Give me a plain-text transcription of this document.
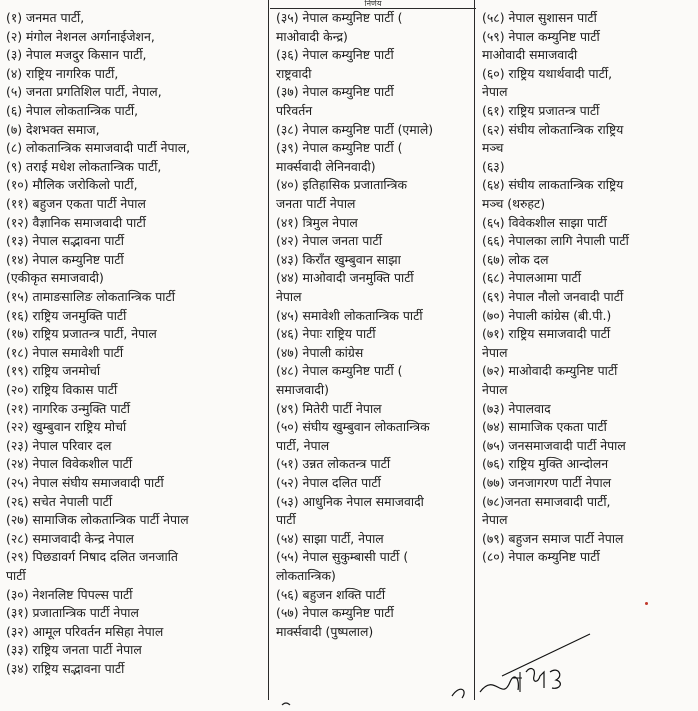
निर्णय
(१) जनमत पार्टी,
(२) मंगोल नेशनल अर्गानाईजेशन,
(३) नेपाल मजदुर किसान पार्टी,
(४) राष्ट्रिय नागरिक पार्टी,
(५) जनता प्रगतिशिल पार्टी, नेपाल,
(६) नेपाल लोकतान्त्रिक पार्टी,
(७) देशभक्त समाज,
(८) लोकतान्त्रिक समाजवादी पार्टी नेपाल,
(९) तराई मधेश लोकतान्त्रिक पार्टी,
(१०) मौलिक जरोकिलो पार्टी,
(११) बहुजन एकता पार्टी नेपाल
(१२) वैज्ञानिक समाजवादी पार्टी
(१३) नेपाल सद्भावना पार्टी
(१४) नेपाल कम्युनिष्ट पार्टी
(एकीकृत समाजवादी)
(१५) तामाङसालिङ लोकतान्त्रिक पार्टी
(१६) राष्ट्रिय जनमुक्ति पार्टी
(१७) राष्ट्रिय प्रजातन्त्र पार्टी, नेपाल
(१८) नेपाल समावेशी पार्टी
(१९) राष्ट्रिय जनमोर्चा
(२०) राष्ट्रिय विकास पार्टी
(२१) नागरिक उन्मुक्ति पार्टी
(२२) खुम्बुवान राष्ट्रिय मोर्चा
(२३) नेपाल परिवार दल
(२४) नेपाल विवेकशील पार्टी
(२५) नेपाल संघीय समाजवादी पार्टी
(२६) सचेत नेपाली पार्टी
(२७) सामाजिक लोकतान्त्रिक पार्टी नेपाल
(२८) समाजवादी केन्द्र नेपाल
(२९) पिछडावर्ग निषाद दलित जनजाति
पार्टी
(३०) नेशनलिष्ट पिपल्स पार्टी
(३१) प्रजातान्त्रिक पार्टी नेपाल
(३२) आमूल परिवर्तन मसिहा नेपाल
(३३) राष्ट्रिय जनता पार्टी नेपाल
(३४) राष्ट्रिय सद्भावना पार्टी
(३५) नेपाल कम्युनिष्ट पार्टी (
माओवादी केन्द्र)
(३६) नेपाल कम्युनिष्ट पार्टी
राष्ट्रवादी
(३७) नेपाल कम्युनिष्ट पार्टी
परिवर्तन
(३८) नेपाल कम्युनिष्ट पार्टी (एमाले)
(३९) नेपाल कम्युनिष्ट पार्टी (
मार्क्सवादी लेनिनवादी)
(४०) इतिहासिक प्रजातान्त्रिक
जनता पार्टी नेपाल
(४१) त्रिमुल नेपाल
(४२) नेपाल जनता पार्टी
(४३) किराँत खुम्बुवान साझा
(४४) माओवादी जनमुक्ति पार्टी
नेपाल
(४५) समावेशी लोकतान्त्रिक पार्टी
(४६) नेपाः राष्ट्रिय पार्टी
(४७) नेपाली कांग्रेस
(४८) नेपाल कम्युनिष्ट पार्टी (
समाजवादी)
(४९) मितेरी पार्टी नेपाल
(५०) संघीय खुम्बुवान लोकतान्त्रिक
पार्टी, नेपाल
(५१) उन्नत लोकतन्त्र पार्टी
(५२) नेपाल दलित पार्टी
(५३) आधुनिक नेपाल समाजवादी
पार्टी
(५४) साझा पार्टी, नेपाल
(५५) नेपाल सुकुम्बासी पार्टी (
लोकतान्त्रिक)
(५६) बहुजन शक्ति पार्टी
(५७) नेपाल कम्युनिष्ट पार्टी
मार्क्सवादी (पुष्पलाल)
(५८) नेपाल सुशासन पार्टी
(५९) नेपाल कम्युनिष्ट पार्टी
माओवादी समाजवादी
(६०) राष्ट्रिय यथार्थवादी पार्टी,
नेपाल
(६१) राष्ट्रिय प्रजातन्त्र पार्टी
(६२) संघीय लोकतान्त्रिक राष्ट्रिय
मञ्च
(६३)
(६४) संघीय लाकतान्त्रिक राष्ट्रिय
मञ्च (थरुहट)
(६५) विवेकशील साझा पार्टी
(६६) नेपालका लागि नेपाली पार्टी
(६७) लोक दल
(६८) नेपालआमा पार्टी
(६९) नेपाल नौलो जनवादी पार्टी
(७०) नेपाली कांग्रेस (बी.पी.)
(७१) राष्ट्रिय समाजवादी पार्टी
नेपाल
(७२) माओवादी कम्युनिष्ट पार्टी
नेपाल
(७३) नेपालवाद
(७४) सामाजिक एकता पार्टी
(७५) जनसमाजवादी पार्टी नेपाल
(७६) राष्ट्रिय मुक्ति आन्दोलन
(७७) जनजागरण पार्टी नेपाल
(७८)जनता समाजवादी पार्टी,
नेपाल
(७९) बहुजन समाज पार्टी नेपाल
(८०) नेपाल कम्युनिष्ट पार्टी
